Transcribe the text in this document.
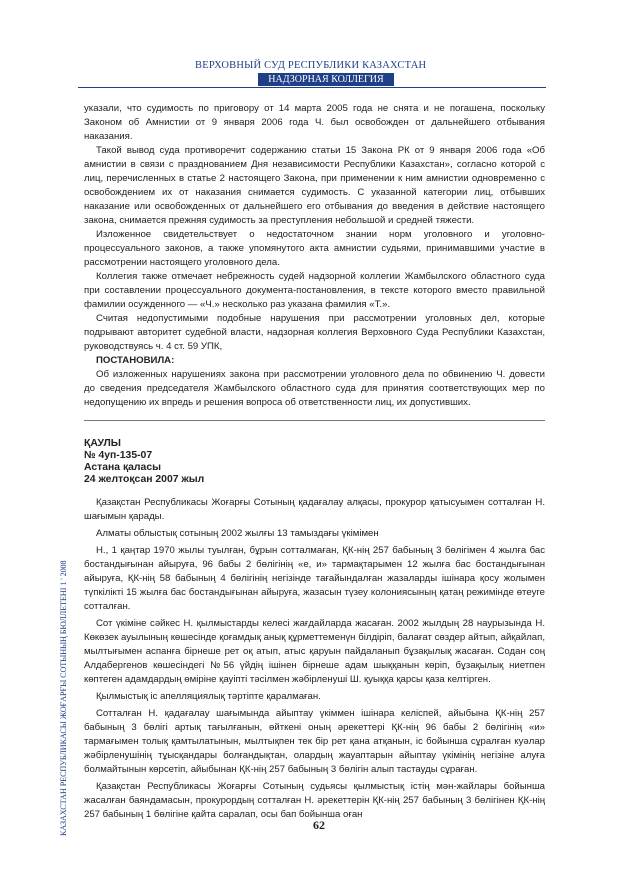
ВЕРХОВНЫЙ СУД РЕСПУБЛИКИ КАЗАХСТАН
НАДЗОРНАЯ КОЛЛЕГИЯ
КАЗАХСТАН РЕСПУБЛИКАСЫ ЖОҒАРҒЫ СОТЫНЫҢ БЮЛЛЕТЕНІ 1 ' 2008

указали, что судимость по приговору от 14 марта 2005 года не снята и не погашена, поскольку Законом об Амнистии от 9 января 2006 года Ч. был освобожден от дальнейшего отбывания наказания.

Такой вывод суда противоречит содержанию статьи 15 Закона РК от 9 января 2006 года «Об амнистии в связи с празднованием Дня независимости Республики Казахстан», согласно которой с лиц, перечисленных в статье 2 настоящего Закона, при применении к ним амнистии одновременно с освобождением их от наказания снимается судимость. С указанной категории лиц, отбывших наказание или освобожденных от дальнейшего его отбывания до введения в действие настоящего закона, снимается прежняя судимость за преступления небольшой и средней тяжести.

Изложенное свидетельствует о недостаточном знании норм уголовного и уголовно-процессуального законов, а также упомянутого акта амнистии судьями, принимавшими участие в рассмотрении настоящего уголовного дела.

Коллегия также отмечает небрежность судей надзорной коллегии Жамбылского областного суда при составлении процессуального документа-постановления, в тексте которого вместо правильной фамилии осужденного — «Ч.» несколько раз указана фамилия «Т.».

Считая недопустимыми подобные нарушения при рассмотрении уголовных дел, которые подрывают авторитет судебной власти, надзорная коллегия Верховного Суда Республики Казахстан, руководствуясь ч. 4 ст. 59 УПК,

ПОСТАНОВИЛА:

Об изложенных нарушениях закона при рассмотрении уголовного дела по обвинению Ч. довести до сведения председателя Жамбылского областного суда для принятия соответствующих мер по недопущению их впредь и решения вопроса об ответственности лиц, их допустивших.

ҚАУЛЫ
№ 4уп-135-07
Астана қаласы
24 желтоқсан 2007 жыл

Қазақстан Республикасы Жоғарғы Сотының қадағалау алқасы, прокурор қатысуымен сотталған Н. шағымын қарады.

Алматы облыстық сотының 2002 жылғы 13 тамыздағы үкімімен

Н., 1 қаңтар 1970 жылы туылған, бұрын сотталмаған, ҚК-нің 257 бабының 3 бөлігімен 4 жылға бас бостандығынан айыруға, 96 бабы 2 бөлігінің «е, и» тармақтарымен 12 жылға бас бостандығынан айыруға, ҚК-нің 58 бабының 4 бөлігінің негізінде тағайындалған жазаларды ішінара қосу жолымен түпкілікті 15 жылға бас бостандығынан айыруға, жазасын түзеу колониясының қатаң режимінде өтеуге сотталған.

Сот үкіміне сәйкес Н. қылмыстарды келесі жағдайларда жасаған. 2002 жылдың 28 наурызында Н. Көкөзек ауылының көшесінде қоғамдық анық құрметтеменүн білдіріп, балағат сөздер айтып, айқайлап, мылтығымен аспанға бірнеше рет оқ атып, атыс қаруын пайдаланып бұзақылық жасаған. Содан соң Алдабергенов көшесіндегі №56 үйдің ішінен бірнеше адам шыққанын көріп, бұзақылық ниетпен көптеген адамдардың өміріне қауіпті тәсілмен жәбірленуші Ш. қуыққа қарсы қаза келтірген.

Қылмыстық іс апелляциялық тәртіпте қаралмаған.

Сотталған Н. қадағалау шағымында айыптау үкіммен ішінара келіспей, айыбына ҚК-нің 257 бабының 3 бөлігі артық тағылғанын, өйткені оның әрекеттері ҚК-нің 96 бабы 2 бөлігінің «и» тармағымен толық қамтылатынын, мылтықпен тек бір рет қана атқанын, іс бойынша сұралған куәлар жәбірленушінің тұысқандары болғандықтан, олардың жауаптарын айыптау үкімінің негізіне алуға болмайтынын көрсетіп, айыбынан ҚК-нің 257 бабының 3 бөлігін алып тастауды сұраған.

Қазақстан Республикасы Жоғарғы Сотының судьясы қылмыстық істің мән-жайлары бойынша жасалған баяндамасын, прокурордың сотталған Н. әрекеттерін ҚК-нің 257 бабының 3 бөлігінен ҚК-нің 257 бабының 1 бөлігіне қайта саралап, осы бап бойынша оған

62
